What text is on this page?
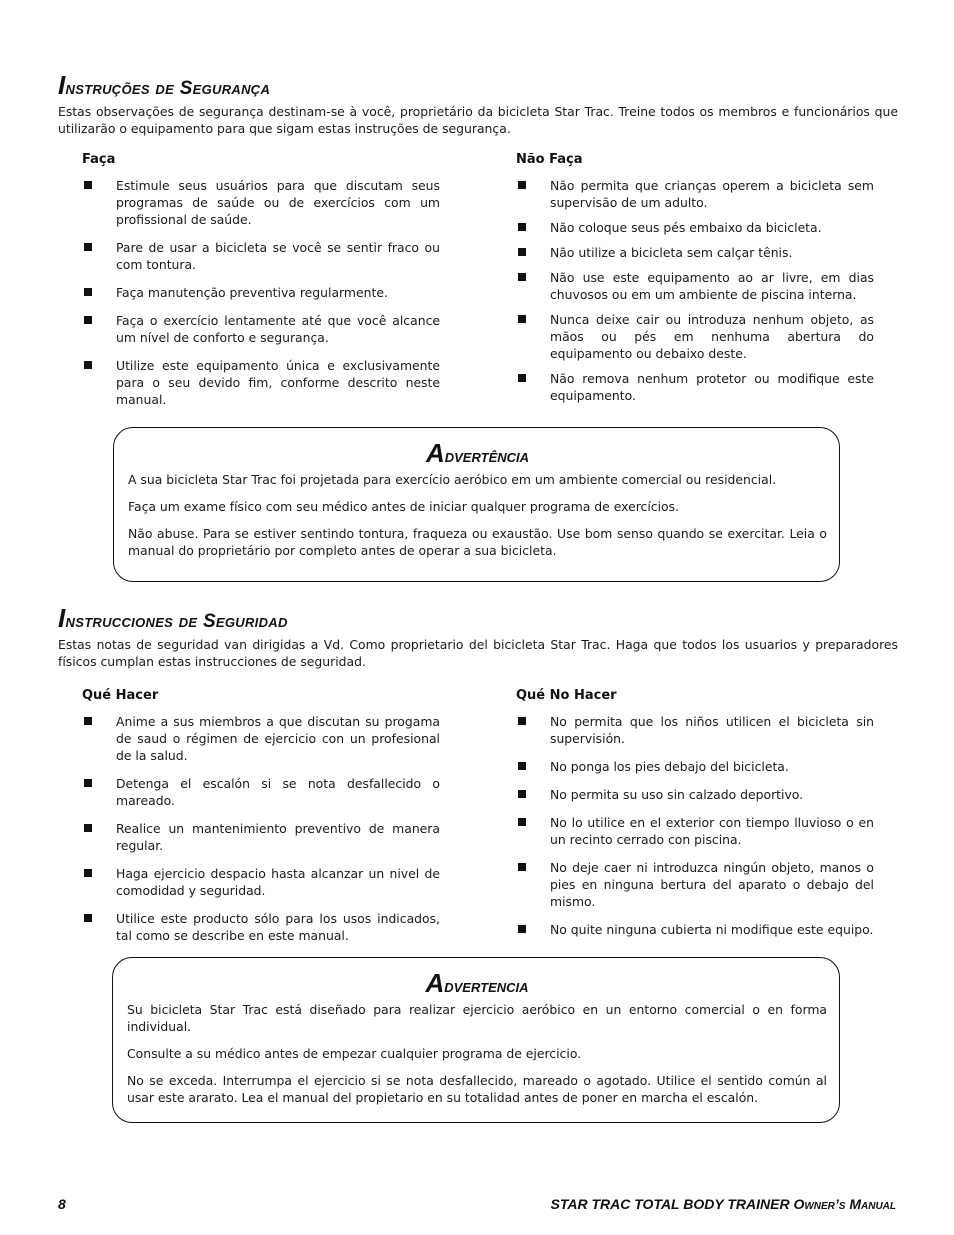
Instruções de Segurança

Estas observações de segurança destinam-se à você, proprietário da bicicleta Star Trac. Treine todos os membros e funcionários que utilizarão o equipamento para que sigam estas instruções de segurança.

Faça
Estimule seus usuários para que discutam seus programas de saúde ou de exercícios com um profissional de saúde.
Pare de usar a bicicleta se você se sentir fraco ou com tontura.
Faça manutenção preventiva regularmente.
Faça o exercício lentamente até que você alcance um nível de conforto e segurança.
Utilize este equipamento única e exclusivamente para o seu devido fim, conforme descrito neste manual.
Não Faça
Não permita que crianças operem a bicicleta sem supervisão de um adulto.
Não coloque seus pés embaixo da bicicleta.
Não utilize a bicicleta sem calçar tênis.
Não use este equipamento ao ar livre, em dias chuvosos ou em um ambiente de piscina interna.
Nunca deixe cair ou introduza nenhum objeto, as mãos ou pés em nenhuma abertura do equipamento ou debaixo deste.
Não remova nenhum protetor ou modifique este equipamento.
Advertência

A sua bicicleta Star Trac foi projetada para exercício aeróbico em um ambiente comercial ou residencial.

Faça um exame físico com seu médico antes de iniciar qualquer programa de exercícios.

Não abuse. Para se estiver sentindo tontura, fraqueza ou exaustão. Use bom senso quando se exercitar. Leia o manual do proprietário por completo antes de operar a sua bicicleta.

Instrucciones de Seguridad

Estas notas de seguridad van dirigidas a Vd. Como proprietario del bicicleta Star Trac. Haga que todos los usuarios y preparadores físicos cumplan estas instrucciones de seguridad.

Qué Hacer
Anime a sus miembros a que discutan su progama de saud o régimen de ejercicio con un profesional de la salud.
Detenga el escalón si se nota desfallecido o mareado.
Realice un mantenimiento preventivo de manera regular.
Haga ejercicio despacio hasta alcanzar un nivel de comodidad y seguridad.
Utilice este producto sólo para los usos indicados, tal como se describe en este manual.
Qué No Hacer
No permita que los niños utilicen el bicicleta sin supervisión.
No ponga los pies debajo del bicicleta.
No permita su uso sin calzado deportivo.
No lo utilice en el exterior con tiempo lluvioso o en un recinto cerrado con piscina.
No deje caer ni introduzca ningún objeto, manos o pies en ninguna bertura del aparato o debajo del mismo.
No quite ninguna cubierta ni modifique este equipo.
Advertencia

Su bicicleta Star Trac está diseñado para realizar ejercicio aeróbico en un entorno comercial o en forma individual.

Consulte a su médico antes de empezar cualquier programa de ejercicio.

No se exceda. Interrumpa el ejercicio si se nota desfallecido, mareado o agotado. Utilice el sentido común al usar este ararato. Lea el manual del propietario en su totalidad antes de poner en marcha el escalón.

8	STAR TRAC TOTAL BODY TRAINER Owner’s Manual
